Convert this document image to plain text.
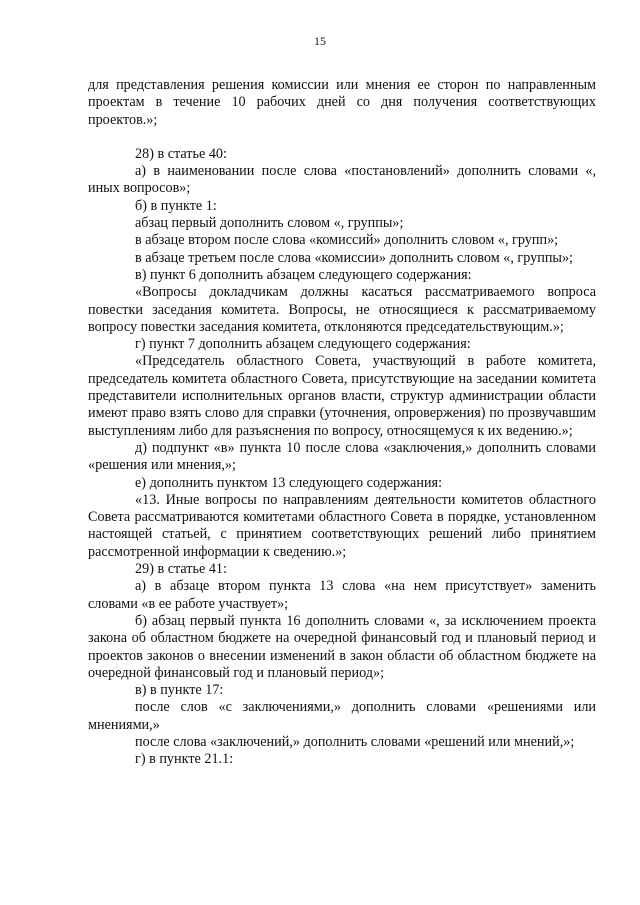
15

для представления решения комиссии или мнения ее сторон по направленным проектам в течение 10 рабочих дней со дня получения соответствующих проектов.»;

28) в статье 40:

а) в наименовании после слова «постановлений» дополнить словами «, иных вопросов»;

б) в пункте 1:

абзац первый дополнить словом «, группы»;

в абзаце втором после слова «комиссий» дополнить словом «, групп»;

в абзаце третьем после слова «комиссии» дополнить словом «, группы»;

в) пункт 6 дополнить абзацем следующего содержания:

«Вопросы докладчикам должны касаться рассматриваемого вопроса повестки заседания комитета. Вопросы, не относящиеся к рассматриваемому вопросу повестки заседания комитета, отклоняются председательствующим.»;

г) пункт 7 дополнить абзацем следующего содержания:

«Председатель областного Совета, участвующий в работе комитета, председатель комитета областного Совета, присутствующие на заседании комитета представители исполнительных органов власти, структур администрации области имеют право взять слово для справки (уточнения, опровержения) по прозвучавшим выступлениям либо для разъяснения по вопросу, относящемуся к их ведению.»;

д) подпункт «в» пункта 10 после слова «заключения,» дополнить словами «решения или мнения,»;

е) дополнить пунктом 13 следующего содержания:

«13. Иные вопросы по направлениям деятельности комитетов областного Совета рассматриваются комитетами областного Совета в порядке, установленном настоящей статьей, с принятием соответствующих решений либо принятием рассмотренной информации к сведению.»;

29) в статье 41:

а) в абзаце втором пункта 13 слова «на нем присутствует» заменить словами «в ее работе участвует»;

б) абзац первый пункта 16 дополнить словами «, за исключением проекта закона об областном бюджете на очередной финансовый год и плановый период и проектов законов о внесении изменений в закон области об областном бюджете на очередной финансовый год и плановый период»;

в) в пункте 17:

после слов «с заключениями,» дополнить словами «решениями или мнениями,»

после слова «заключений,» дополнить словами «решений или мнений,»;

г) в пункте 21.1:
